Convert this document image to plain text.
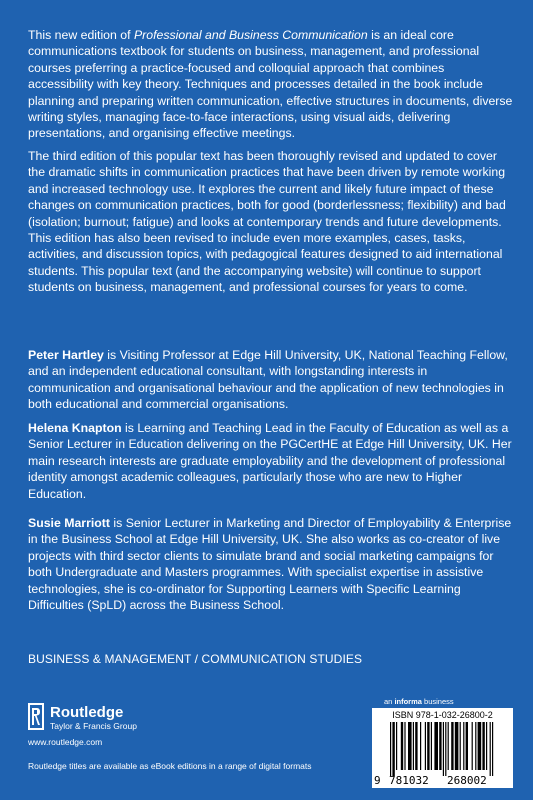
This new edition of Professional and Business Communication is an ideal core communications textbook for students on business, management, and professional courses preferring a practice-focused and colloquial approach that combines accessibility with key theory. Techniques and processes detailed in the book include planning and preparing written communication, effective structures in documents, diverse writing styles, managing face-to-face interactions, using visual aids, delivering presentations, and organising effective meetings.

The third edition of this popular text has been thoroughly revised and updated to cover the dramatic shifts in communication practices that have been driven by remote working and increased technology use. It explores the current and likely future impact of these changes on communication practices, both for good (borderlessness; flexibility) and bad (isolation; burnout; fatigue) and looks at contemporary trends and future developments. This edition has also been revised to include even more examples, cases, tasks, activities, and discussion topics, with pedagogical features designed to aid international students. This popular text (and the accompanying website) will continue to support students on business, management, and professional courses for years to come.

Peter Hartley is Visiting Professor at Edge Hill University, UK, National Teaching Fellow, and an independent educational consultant, with longstanding interests in communication and organisational behaviour and the application of new technologies in both educational and commercial organisations.

Helena Knapton is Learning and Teaching Lead in the Faculty of Education as well as a Senior Lecturer in Education delivering on the PGCertHE at Edge Hill University, UK. Her main research interests are graduate employability and the development of professional identity amongst academic colleagues, particularly those who are new to Higher Education.

Susie Marriott is Senior Lecturer in Marketing and Director of Employability & Enterprise in the Business School at Edge Hill University, UK. She also works as co-creator of live projects with third sector clients to simulate brand and social marketing campaigns for both Undergraduate and Masters programmes. With specialist expertise in assistive technologies, she is co-ordinator for Supporting Learners with Specific Learning Difficulties (SpLD) across the Business School.

BUSINESS & MANAGEMENT / COMMUNICATION STUDIES
Routledge
Taylor & Francis Group
www.routledge.com
Routledge titles are available as eBook editions in a range of digital formats
an informa business
ISBN 978-1-032-26800-2
9 781032 268002
